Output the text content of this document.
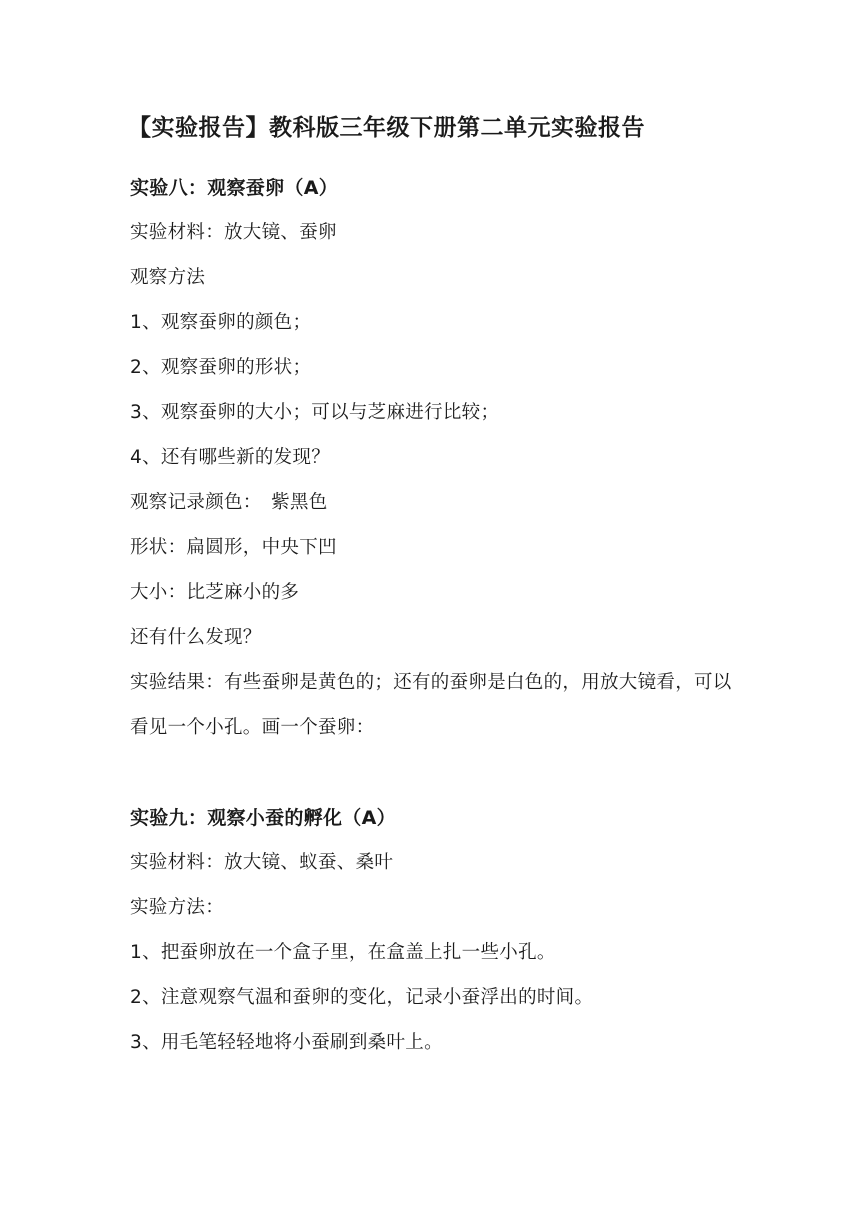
【实验报告】教科版三年级下册第二单元实验报告
实验八：观察蚕卵（A）
实验材料：放大镜、蚕卵
观察方法
1、观察蚕卵的颜色；
2、观察蚕卵的形状；
3、观察蚕卵的大小；可以与芝麻进行比较；
4、还有哪些新的发现？
观察记录颜色：　紫黑色
形状：扁圆形，中央下凹
大小：比芝麻小的多
还有什么发现？
实验结果：有些蚕卵是黄色的；还有的蚕卵是白色的，用放大镜看，可以看见一个小孔。画一个蚕卵：
实验九：观察小蚕的孵化（A）
实验材料：放大镜、蚁蚕、桑叶
实验方法：
1、把蚕卵放在一个盒子里，在盒盖上扎一些小孔。
2、注意观察气温和蚕卵的变化，记录小蚕浮出的时间。
3、用毛笔轻轻地将小蚕刷到桑叶上。
